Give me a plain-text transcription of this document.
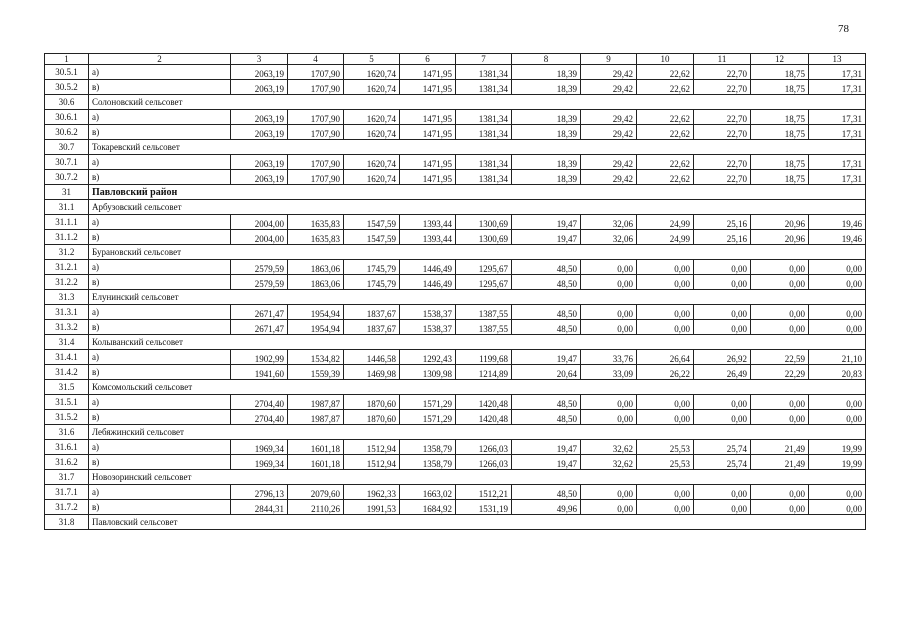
78
1	2	3	4	5	6	7	8	9	10	11	12	13
30.5.1	а)	2063,19	1707,90	1620,74	1471,95	1381,34	18,39	29,42	22,62	22,70	18,75	17,31
30.5.2	в)	2063,19	1707,90	1620,74	1471,95	1381,34	18,39	29,42	22,62	22,70	18,75	17,31
30.6	Солоновский сельсовет											
30.6.1	а)	2063,19	1707,90	1620,74	1471,95	1381,34	18,39	29,42	22,62	22,70	18,75	17,31
30.6.2	в)	2063,19	1707,90	1620,74	1471,95	1381,34	18,39	29,42	22,62	22,70	18,75	17,31
30.7	Токаревский сельсовет											
30.7.1	а)	2063,19	1707,90	1620,74	1471,95	1381,34	18,39	29,42	22,62	22,70	18,75	17,31
30.7.2	в)	2063,19	1707,90	1620,74	1471,95	1381,34	18,39	29,42	22,62	22,70	18,75	17,31
31	Павловский район											
31.1	Арбузовский сельсовет											
31.1.1	а)	2004,00	1635,83	1547,59	1393,44	1300,69	19,47	32,06	24,99	25,16	20,96	19,46
31.1.2	в)	2004,00	1635,83	1547,59	1393,44	1300,69	19,47	32,06	24,99	25,16	20,96	19,46
31.2	Бурановский сельсовет											
31.2.1	а)	2579,59	1863,06	1745,79	1446,49	1295,67	48,50	0,00	0,00	0,00	0,00	0,00
31.2.2	в)	2579,59	1863,06	1745,79	1446,49	1295,67	48,50	0,00	0,00	0,00	0,00	0,00
31.3	Елунинский сельсовет											
31.3.1	а)	2671,47	1954,94	1837,67	1538,37	1387,55	48,50	0,00	0,00	0,00	0,00	0,00
31.3.2	в)	2671,47	1954,94	1837,67	1538,37	1387,55	48,50	0,00	0,00	0,00	0,00	0,00
31.4	Колыванский сельсовет											
31.4.1	а)	1902,99	1534,82	1446,58	1292,43	1199,68	19,47	33,76	26,64	26,92	22,59	21,10
31.4.2	в)	1941,60	1559,39	1469,98	1309,98	1214,89	20,64	33,09	26,22	26,49	22,29	20,83
31.5	Комсомольский сельсовет											
31.5.1	а)	2704,40	1987,87	1870,60	1571,29	1420,48	48,50	0,00	0,00	0,00	0,00	0,00
31.5.2	в)	2704,40	1987,87	1870,60	1571,29	1420,48	48,50	0,00	0,00	0,00	0,00	0,00
31.6	Лебяжинский сельсовет											
31.6.1	а)	1969,34	1601,18	1512,94	1358,79	1266,03	19,47	32,62	25,53	25,74	21,49	19,99
31.6.2	в)	1969,34	1601,18	1512,94	1358,79	1266,03	19,47	32,62	25,53	25,74	21,49	19,99
31.7	Новозоринский сельсовет											
31.7.1	а)	2796,13	2079,60	1962,33	1663,02	1512,21	48,50	0,00	0,00	0,00	0,00	0,00
31.7.2	в)	2844,31	2110,26	1991,53	1684,92	1531,19	49,96	0,00	0,00	0,00	0,00	0,00
31.8	Павловский сельсовет											
